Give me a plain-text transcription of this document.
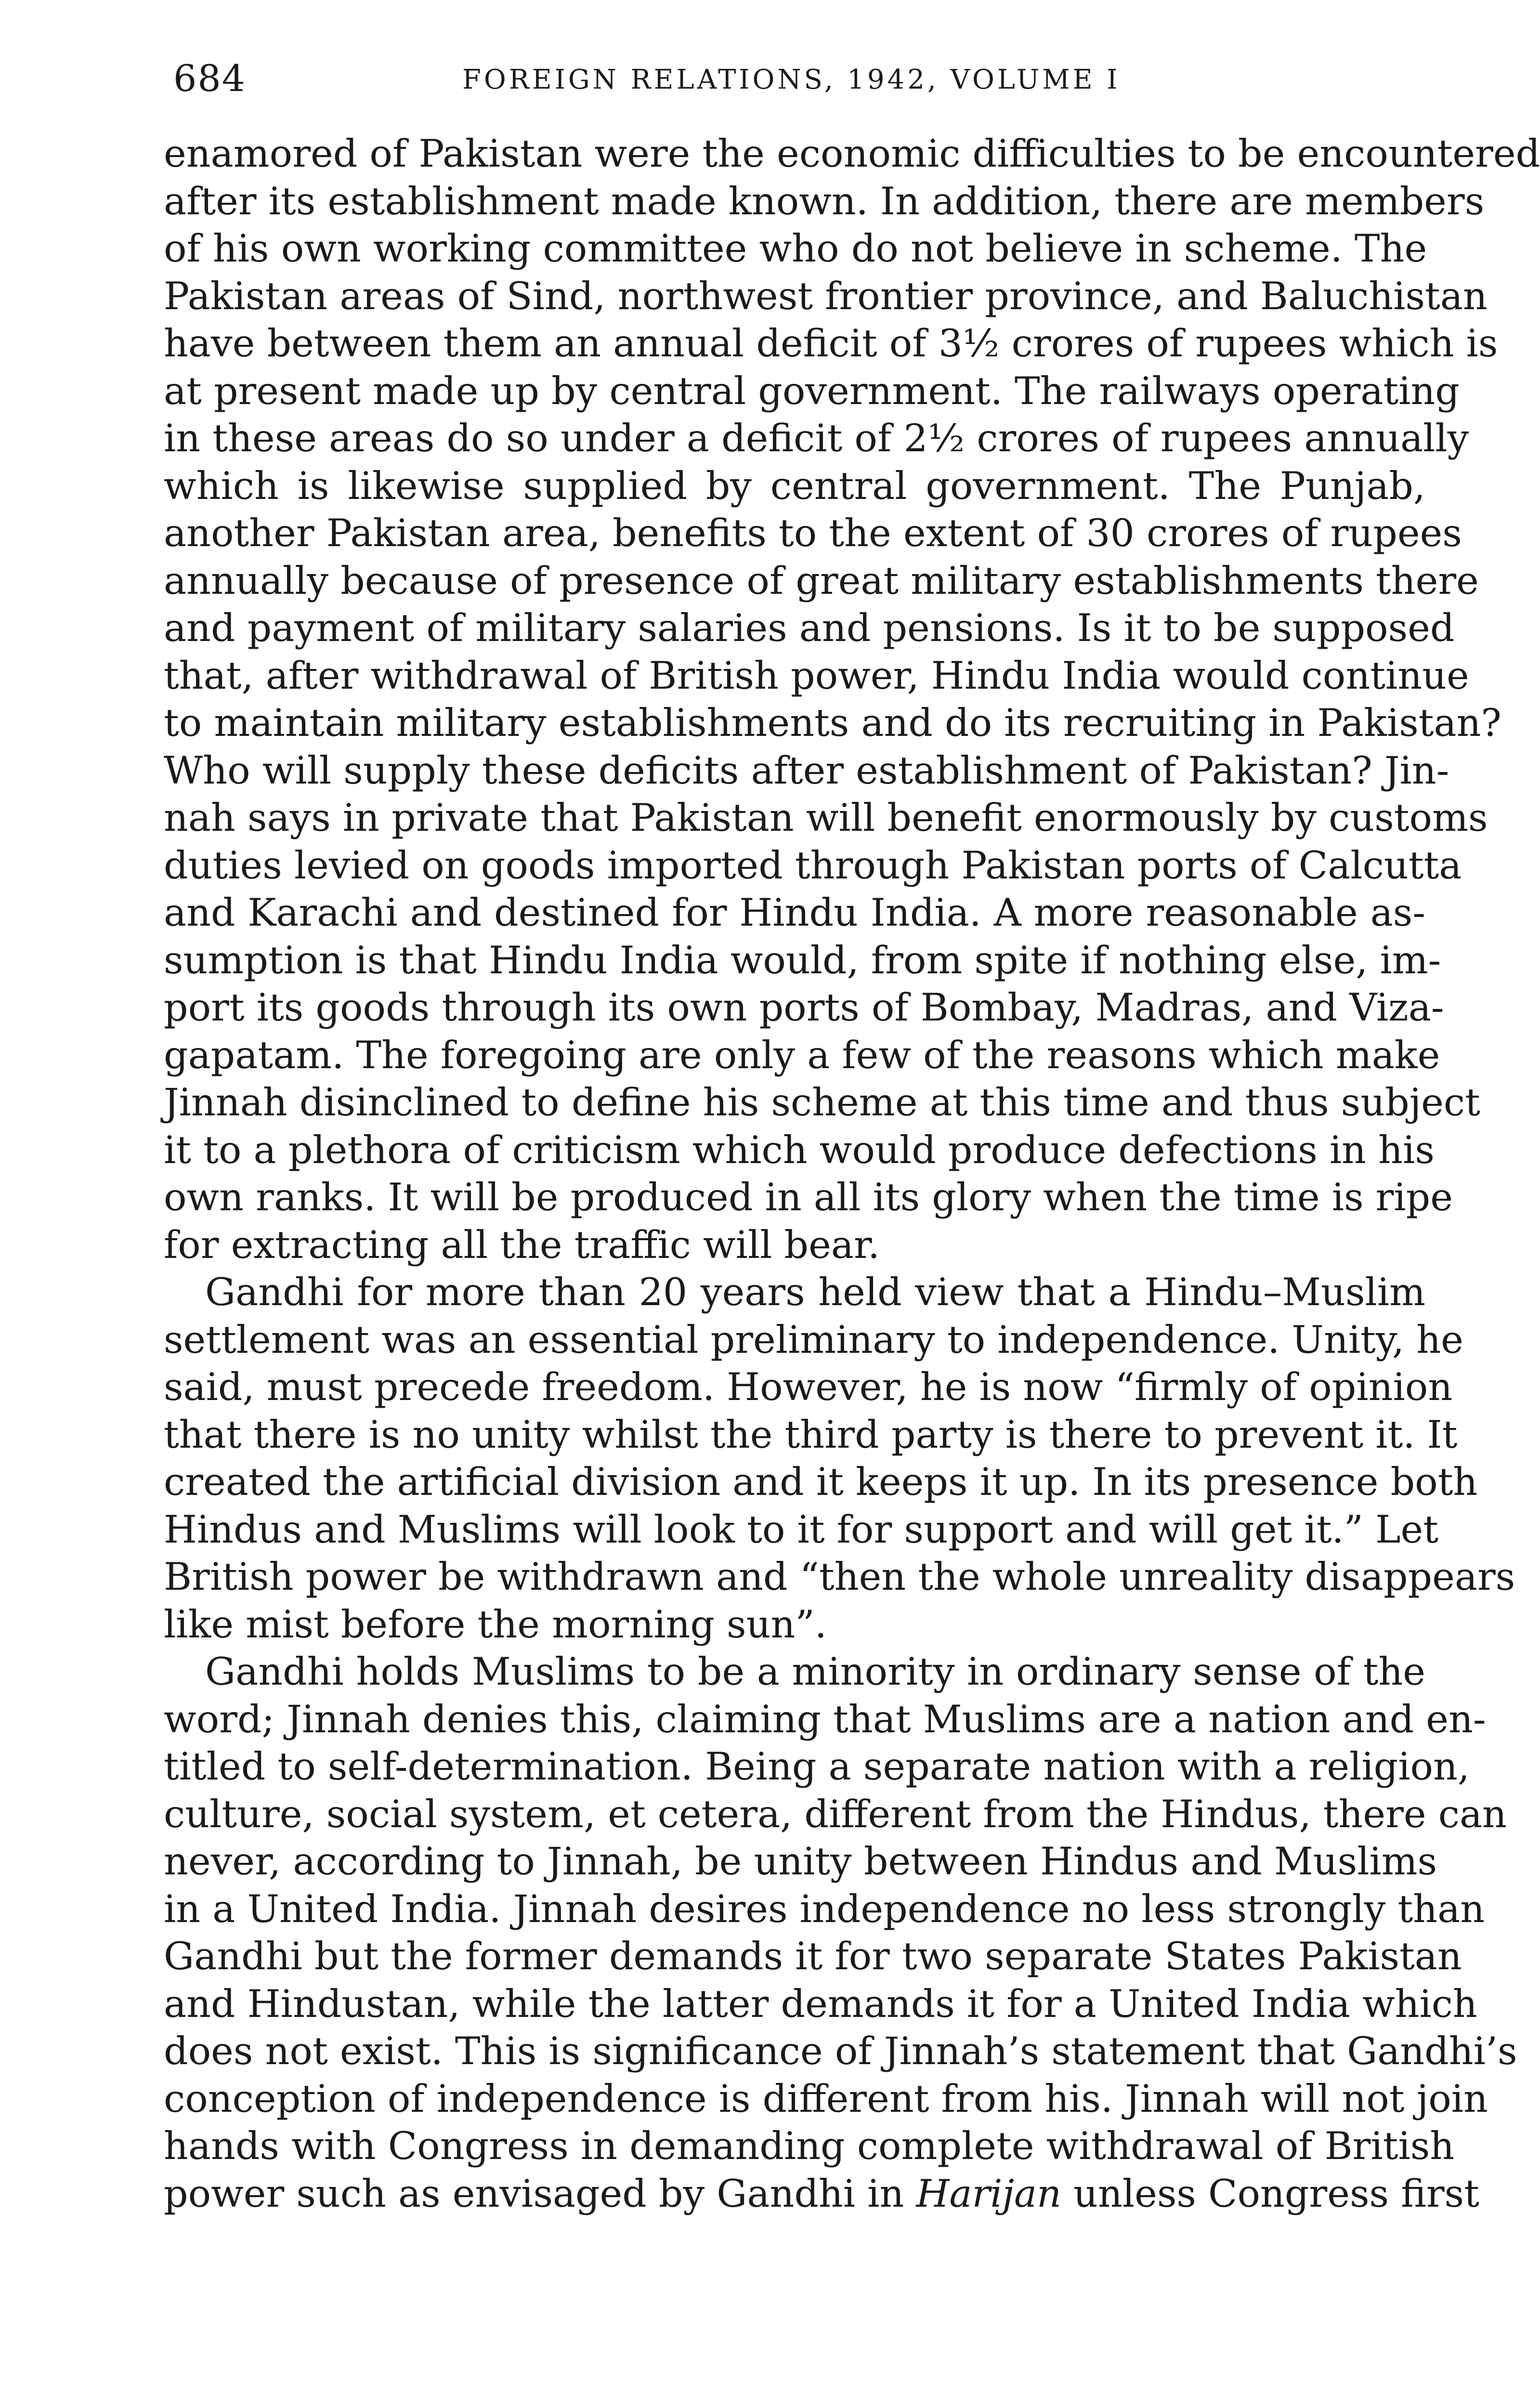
684	FOREIGN RELATIONS, 1942, VOLUME I
enamored of Pakistan were the economic difficulties to be encountered
after its establishment made known. In addition, there are members
of his own working committee who do not believe in scheme. The
Pakistan areas of Sind, northwest frontier province, and Baluchistan
have between them an annual deficit of 3½ crores of rupees which is
at present made up by central government. The railways operating
in these areas do so under a deficit of 2½ crores of rupees annually
which is likewise supplied by central government. The Punjab,
another Pakistan area, benefits to the extent of 30 crores of rupees
annually because of presence of great military establishments there
and payment of military salaries and pensions. Is it to be supposed
that, after withdrawal of British power, Hindu India would continue
to maintain military establishments and do its recruiting in Pakistan?
Who will supply these deficits after establishment of Pakistan? Jin-
nah says in private that Pakistan will benefit enormously by customs
duties levied on goods imported through Pakistan ports of Calcutta
and Karachi and destined for Hindu India. A more reasonable as-
sumption is that Hindu India would, from spite if nothing else, im-
port its goods through its own ports of Bombay, Madras, and Viza-
gapatam. The foregoing are only a few of the reasons which make
Jinnah disinclined to define his scheme at this time and thus subject
it to a plethora of criticism which would produce defections in his
own ranks. It will be produced in all its glory when the time is ripe
for extracting all the traffic will bear.
Gandhi for more than 20 years held view that a Hindu–Muslim
settlement was an essential preliminary to independence. Unity, he
said, must precede freedom. However, he is now “firmly of opinion
that there is no unity whilst the third party is there to prevent it. It
created the artificial division and it keeps it up. In its presence both
Hindus and Muslims will look to it for support and will get it.” Let
British power be withdrawn and “then the whole unreality disappears
like mist before the morning sun”.
Gandhi holds Muslims to be a minority in ordinary sense of the
word; Jinnah denies this, claiming that Muslims are a nation and en-
titled to self-determination. Being a separate nation with a religion,
culture, social system, et cetera, different from the Hindus, there can
never, according to Jinnah, be unity between Hindus and Muslims
in a United India. Jinnah desires independence no less strongly than
Gandhi but the former demands it for two separate States Pakistan
and Hindustan, while the latter demands it for a United India which
does not exist. This is significance of Jinnah’s statement that Gandhi’s
conception of independence is different from his. Jinnah will not join
hands with Congress in demanding complete withdrawal of British
power such as envisaged by Gandhi in Harijan unless Congress first
